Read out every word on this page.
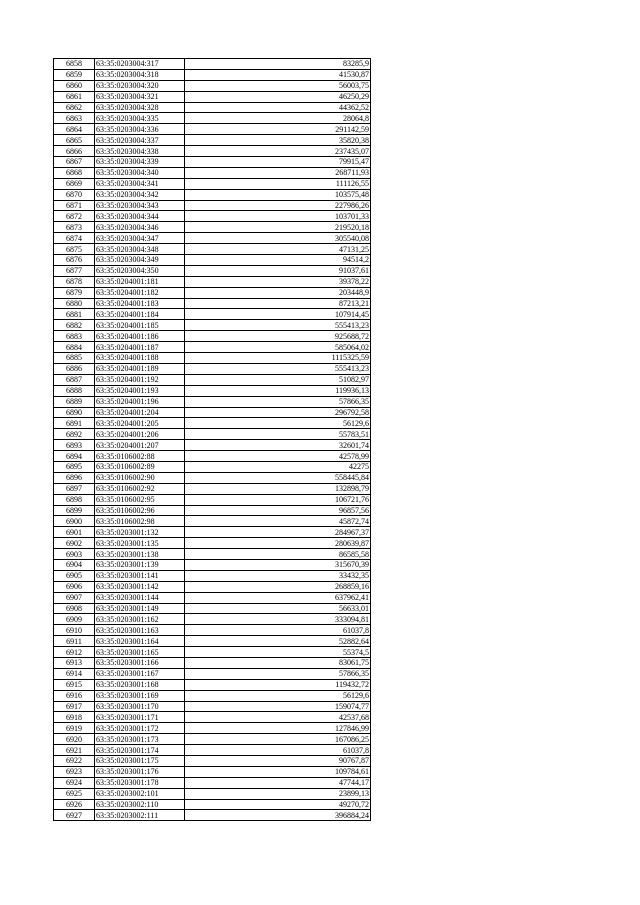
6858	63:35:0203004:317	83285,9
6859	63:35:0203004:318	41530,87
6860	63:35:0203004:320	56003,75
6861	63:35:0203004:321	46250,29
6862	63:35:0203004:328	44362,52
6863	63:35:0203004:335	28064,8
6864	63:35:0203004:336	291142,59
6865	63:35:0203004:337	35820,38
6866	63:35:0203004:338	237435,07
6867	63:35:0203004:339	79915,47
6868	63:35:0203004:340	268711,93
6869	63:35:0203004:341	111126,55
6870	63:35:0203004:342	103575,48
6871	63:35:0203004:343	227986,26
6872	63:35:0203004:344	103701,33
6873	63:35:0203004:346	219520,18
6874	63:35:0203004:347	305540,08
6875	63:35:0203004:348	47131,25
6876	63:35:0203004:349	94514,2
6877	63:35:0203004:350	91037,61
6878	63:35:0204001:181	39378,22
6879	63:35:0204001:182	203448,9
6880	63:35:0204001:183	87213,21
6881	63:35:0204001:184	107914,45
6882	63:35:0204001:185	555413,23
6883	63:35:0204001:186	925688,72
6884	63:35:0204001:187	585064,02
6885	63:35:0204001:188	1115325,59
6886	63:35:0204001:189	555413,23
6887	63:35:0204001:192	51082,97
6888	63:35:0204001:193	119936,13
6889	63:35:0204001:196	57866,35
6890	63:35:0204001:204	296792,58
6891	63:35:0204001:205	56129,6
6892	63:35:0204001:206	55783,51
6893	63:35:0204001:207	32601,74
6894	63:35:0106002:88	42578,99
6895	63:35:0106002:89	42275
6896	63:35:0106002:90	558445,84
6897	63:35:0106002:92	132898,79
6898	63:35:0106002:95	106721,76
6899	63:35:0106002:96	96857,56
6900	63:35:0106002:98	45872,74
6901	63:35:0203001:132	284967,37
6902	63:35:0203001:135	280639,87
6903	63:35:0203001:138	86585,58
6904	63:35:0203001:139	315670,39
6905	63:35:0203001:141	33432,35
6906	63:35:0203001:142	268859,16
6907	63:35:0203001:144	637962,41
6908	63:35:0203001:149	56633,01
6909	63:35:0203001:162	333094,81
6910	63:35:0203001:163	61037,8
6911	63:35:0203001:164	52882,64
6912	63:35:0203001:165	55374,5
6913	63:35:0203001:166	83061,75
6914	63:35:0203001:167	57866,35
6915	63:35:0203001:168	119432,72
6916	63:35:0203001:169	56129,6
6917	63:35:0203001:170	159074,77
6918	63:35:0203001:171	42537,68
6919	63:35:0203001:172	127846,99
6920	63:35:0203001:173	167086,25
6921	63:35:0203001:174	61037,8
6922	63:35:0203001:175	90767,87
6923	63:35:0203001:176	109784,61
6924	63:35:0203001:178	47744,17
6925	63:35:0203002:101	23899,13
6926	63:35:0203002:110	49270,72
6927	63:35:0203002:111	396884,24
